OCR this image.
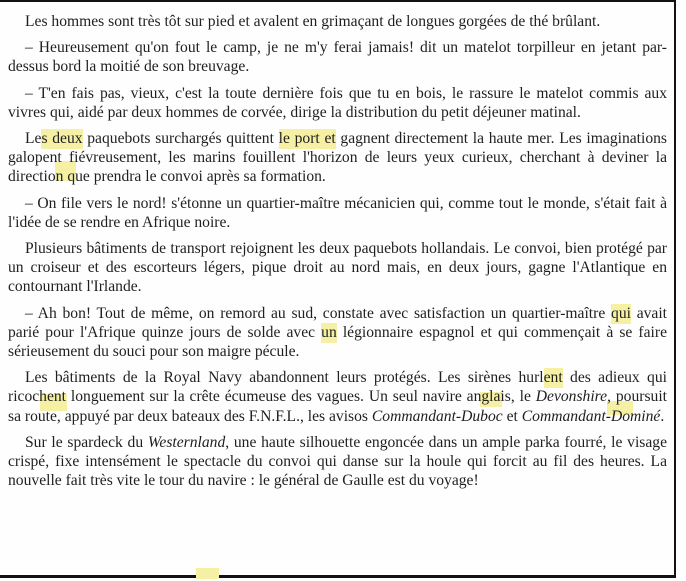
Les hommes sont très tôt sur pied et avalent en grimaçant de longues gorgées de thé brûlant.

– Heureusement qu'on fout le camp, je ne m'y ferai jamais! dit un matelot torpilleur en jetant par-dessus bord la moitié de son breuvage.

– T'en fais pas, vieux, c'est la toute dernière fois que tu en bois, le rassure le matelot commis aux vivres qui, aidé par deux hommes de corvée, dirige la distribution du petit déjeuner matinal.

Les deux paquebots surchargés quittent le port et gagnent directement la haute mer. Les imaginations galopent fiévreusement, les marins fouillent l'horizon de leurs yeux curieux, cherchant à deviner la direction que prendra le convoi après sa formation.

– On file vers le nord! s'étonne un quartier-maître mécanicien qui, comme tout le monde, s'était fait à l'idée de se rendre en Afrique noire.

Plusieurs bâtiments de transport rejoignent les deux paquebots hollandais. Le convoi, bien protégé par un croiseur et des escorteurs légers, pique droit au nord mais, en deux jours, gagne l'Atlantique en contournant l'Irlande.

– Ah bon! Tout de même, on remord au sud, constate avec satisfaction un quartier-maître qui avait parié pour l'Afrique quinze jours de solde avec un légionnaire espagnol et qui commençait à se faire sérieusement du souci pour son maigre pécule.

Les bâtiments de la Royal Navy abandonnent leurs protégés. Les sirènes hurlent des adieux qui ricochent longuement sur la crête écumeuse des vagues. Un seul navire anglais, le Devonshire, poursuit sa route, appuyé par deux bateaux des F.N.F.L., les avisos Commandant-Duboc et Commandant-Dominé.

Sur le spardeck du Westernland, une haute silhouette engoncée dans un ample parka fourré, le visage crispé, fixe intensément le spectacle du convoi qui danse sur la houle qui forcit au fil des heures. La nouvelle fait très vite le tour du navire : le général de Gaulle est du voyage!
